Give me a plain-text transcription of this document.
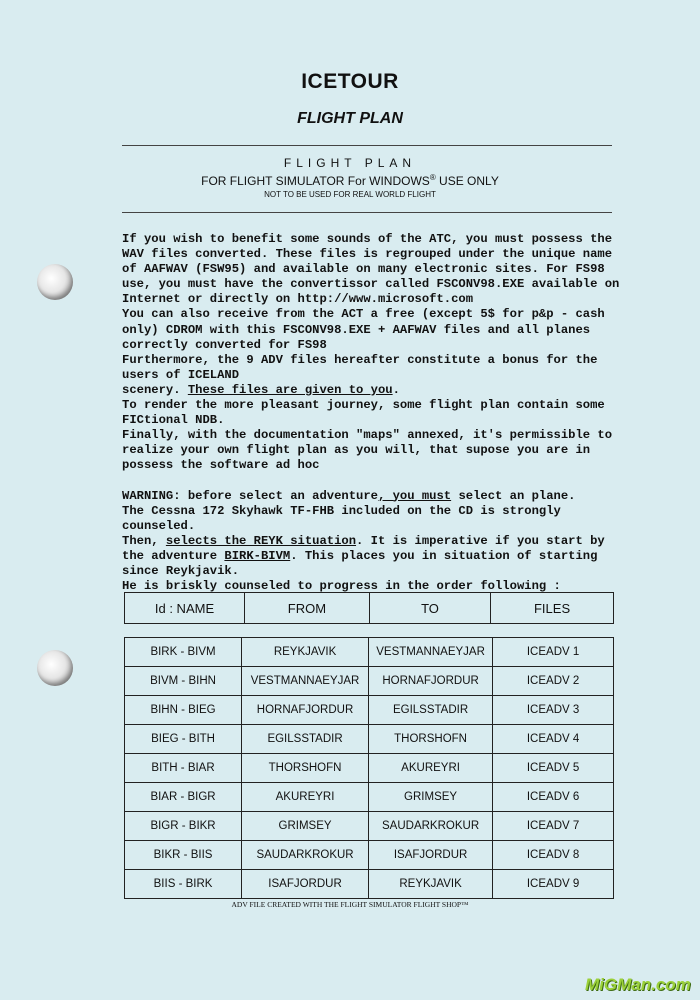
ICETOUR
FLIGHT PLAN
FLIGHT PLAN
FOR FLIGHT SIMULATOR For WINDOWS® USE ONLY
NOT TO BE USED FOR REAL WORLD FLIGHT

If you wish to benefit some sounds of the ATC, you must possess the WAV files converted. These files is regrouped under the unique name of AAFWAV (FSW95) and available on many electronic sites. For FS98 use, you must have the convertissor called FSCONV98.EXE available on Internet or directly on http://www.microsoft.com

You can also receive from the ACT a free (except 5$ for p&p - cash only) CDROM with this FSCONV98.EXE + AAFWAV files and all planes correctly converted for FS98

Furthermore, the 9 ADV files hereafter constitute a bonus for the users of ICELAND

scenery. These files are given to you.

To render the more pleasant journey, some flight plan contain some FICtional NDB.

Finally, with the documentation "maps" annexed, it's permissible to realize your own flight plan as you will, that supose you are in possess the software ad hoc

WARNING: before select an adventure, you must select an plane.

The Cessna 172 Skyhawk TF-FHB included on the CD is strongly counseled.

Then, selects the REYK situation. It is imperative if you start by the adventure BIRK-BIVM. This places you in situation of starting since Reykjavik.

He is briskly counseled to progress in the order following :

Id : NAME	FROM	TO	FILES
BIRK - BIVM	REYKJAVIK	VESTMANNAEYJAR	ICEADV 1
BIVM - BIHN	VESTMANNAEYJAR	HORNAFJORDUR	ICEADV 2
BIHN - BIEG	HORNAFJORDUR	EGILSSTADIR	ICEADV 3
BIEG - BITH	EGILSSTADIR	THORSHOFN	ICEADV 4
BITH - BIAR	THORSHOFN	AKUREYRI	ICEADV 5
BIAR - BIGR	AKUREYRI	GRIMSEY	ICEADV 6
BIGR - BIKR	GRIMSEY	SAUDARKROKUR	ICEADV 7
BIKR - BIIS	SAUDARKROKUR	ISAFJORDUR	ICEADV 8
BIIS - BIRK	ISAFJORDUR	REYKJAVIK	ICEADV 9
ADV FILE CREATED WITH THE FLIGHT SIMULATOR FLIGHT SHOP™
MiGMan.com
